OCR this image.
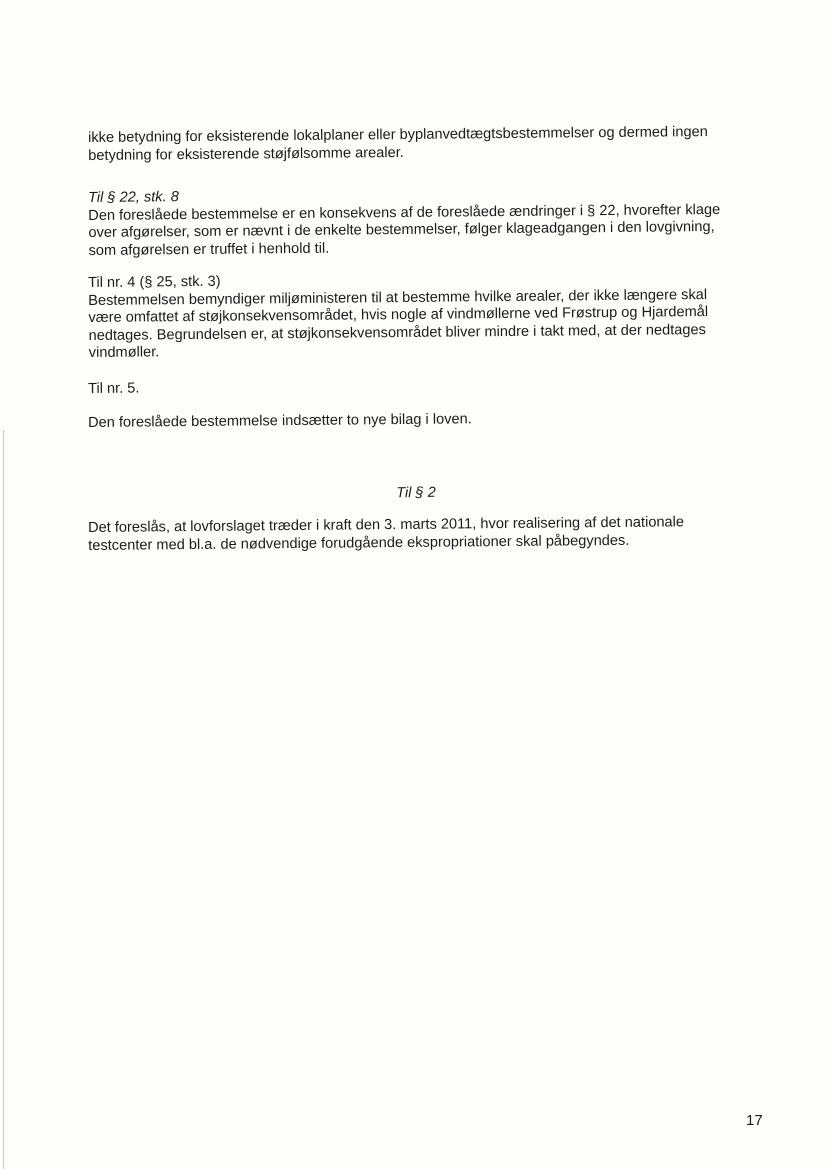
ikke betydning for eksisterende lokalplaner eller byplanvedtægtsbestemmelser og dermed ingen

betydning for eksisterende støjfølsomme arealer.

Til § 22, stk. 8

Den foreslåede bestemmelse er en konsekvens af de foreslåede ændringer i § 22, hvorefter klage

over afgørelser, som er nævnt i de enkelte bestemmelser, følger klageadgangen i den lovgivning,

som afgørelsen er truffet i henhold til.

Til nr. 4 (§ 25, stk. 3)

Bestemmelsen bemyndiger miljøministeren til at bestemme hvilke arealer, der ikke længere skal

være omfattet af støjkonsekvensområdet, hvis nogle af vindmøllerne ved Frøstrup og Hjardemål

nedtages. Begrundelsen er, at støjkonsekvensområdet bliver mindre i takt med, at der nedtages

vindmøller.

Til nr. 5.

Den foreslåede bestemmelse indsætter to nye bilag i loven.

Til § 2

Det foreslås, at lovforslaget træder i kraft den 3. marts 2011, hvor realisering af det nationale

testcenter med bl.a. de nødvendige forudgående ekspropriationer skal påbegyndes.

17
